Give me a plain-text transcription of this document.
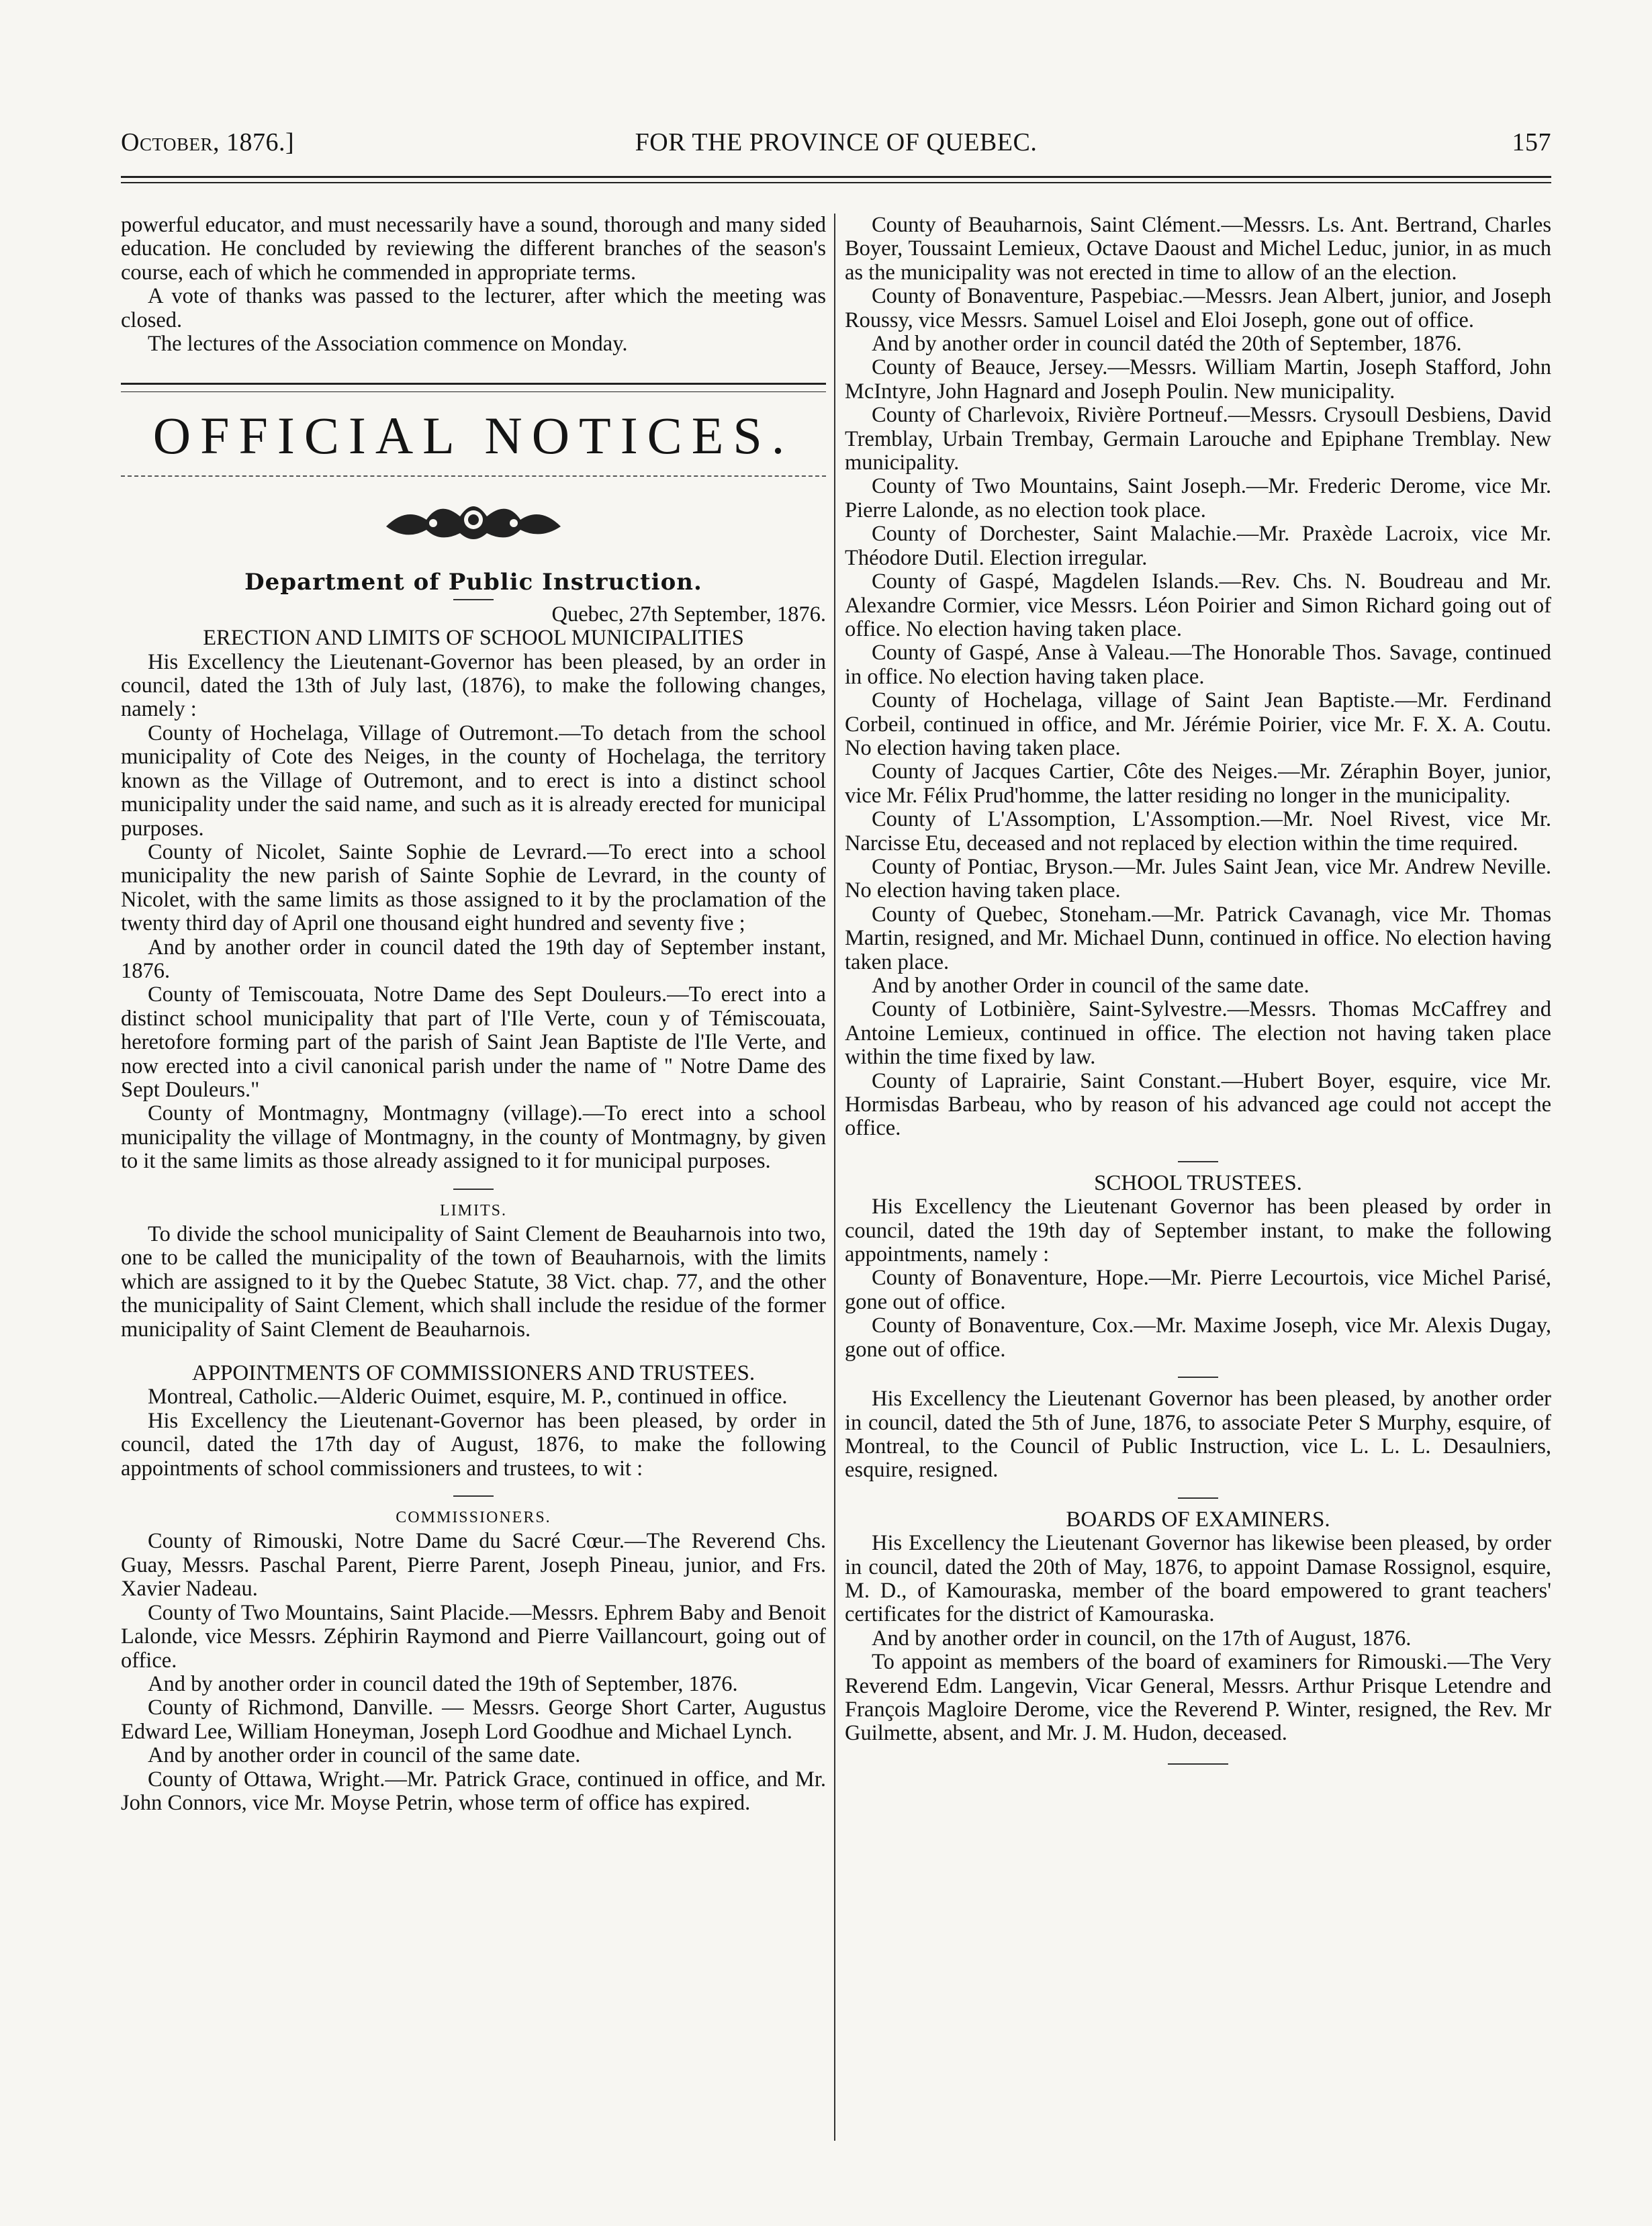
October, 1876.]	FOR THE PROVINCE OF QUEBEC.	157

powerful educator, and must necessarily have a sound, thorough and many sided education. He concluded by reviewing the different branches of the season's course, each of which he commended in appropriate terms.

A vote of thanks was passed to the lecturer, after which the meeting was closed.

The lectures of the Association commence on Monday.

OFFICIAL NOTICES.
Department of Public Instruction.

Quebec, 27th September, 1876.

ERECTION AND LIMITS OF SCHOOL MUNICIPALITIES

His Excellency the Lieutenant-Governor has been pleased, by an order in council, dated the 13th of July last, (1876), to make the following changes, namely :

County of Hochelaga, Village of Outremont.—To detach from the school municipality of Cote des Neiges, in the county of Hochelaga, the territory known as the Village of Outremont, and to erect is into a distinct school municipality under the said name, and such as it is already erected for municipal purposes.

County of Nicolet, Sainte Sophie de Levrard.—To erect into a school municipality the new parish of Sainte Sophie de Levrard, in the county of Nicolet, with the same limits as those assigned to it by the proclamation of the twenty third day of April one thousand eight hundred and seventy five ;

And by another order in council dated the 19th day of September instant, 1876.

County of Temiscouata, Notre Dame des Sept Douleurs.—To erect into a distinct school municipality that part of l'Ile Verte, coun y of Témiscouata, heretofore forming part of the parish of Saint Jean Baptiste de l'Ile Verte, and now erected into a civil canonical parish under the name of " Notre Dame des Sept Douleurs."

County of Montmagny, Montmagny (village).—To erect into a school municipality the village of Montmagny, in the county of Montmagny, by given to it the same limits as those already assigned to it for municipal purposes.

LIMITS.

To divide the school municipality of Saint Clement de Beauharnois into two, one to be called the municipality of the town of Beauharnois, with the limits which are assigned to it by the Quebec Statute, 38 Vict. chap. 77, and the other the municipality of Saint Clement, which shall include the residue of the former municipality of Saint Clement de Beauharnois.

APPOINTMENTS OF COMMISSIONERS AND TRUSTEES.

Montreal, Catholic.—Alderic Ouimet, esquire, M. P., continued in office.

His Excellency the Lieutenant-Governor has been pleased, by order in council, dated the 17th day of August, 1876, to make the following appointments of school commissioners and trustees, to wit :

COMMISSIONERS.

County of Rimouski, Notre Dame du Sacré Cœur.—The Reverend Chs. Guay, Messrs. Paschal Parent, Pierre Parent, Joseph Pineau, junior, and Frs. Xavier Nadeau.

County of Two Mountains, Saint Placide.—Messrs. Ephrem Baby and Benoit Lalonde, vice Messrs. Zéphirin Raymond and Pierre Vaillancourt, going out of office.

And by another order in council dated the 19th of September, 1876.

County of Richmond, Danville. — Messrs. George Short Carter, Augustus Edward Lee, William Honeyman, Joseph Lord Goodhue and Michael Lynch.

And by another order in council of the same date.

County of Ottawa, Wright.—Mr. Patrick Grace, continued in office, and Mr. John Connors, vice Mr. Moyse Petrin, whose term of office has expired.

County of Beauharnois, Saint Clément.—Messrs. Ls. Ant. Bertrand, Charles Boyer, Toussaint Lemieux, Octave Daoust and Michel Leduc, junior, in as much as the municipality was not erected in time to allow of an the election.

County of Bonaventure, Paspebiac.—Messrs. Jean Albert, junior, and Joseph Roussy, vice Messrs. Samuel Loisel and Eloi Joseph, gone out of office.

And by another order in council datéd the 20th of September, 1876.

County of Beauce, Jersey.—Messrs. William Martin, Joseph Stafford, John McIntyre, John Hagnard and Joseph Poulin. New municipality.

County of Charlevoix, Rivière Portneuf.—Messrs. Crysoull Desbiens, David Tremblay, Urbain Trembay, Germain Larouche and Epiphane Tremblay. New municipality.

County of Two Mountains, Saint Joseph.—Mr. Frederic Derome, vice Mr. Pierre Lalonde, as no election took place.

County of Dorchester, Saint Malachie.—Mr. Praxède Lacroix, vice Mr. Théodore Dutil. Election irregular.

County of Gaspé, Magdelen Islands.—Rev. Chs. N. Boudreau and Mr. Alexandre Cormier, vice Messrs. Léon Poirier and Simon Richard going out of office. No election having taken place.

County of Gaspé, Anse à Valeau.—The Honorable Thos. Savage, continued in office. No election having taken place.

County of Hochelaga, village of Saint Jean Baptiste.—Mr. Ferdinand Corbeil, continued in office, and Mr. Jérémie Poirier, vice Mr. F. X. A. Coutu. No election having taken place.

County of Jacques Cartier, Côte des Neiges.—Mr. Zéraphin Boyer, junior, vice Mr. Félix Prud'homme, the latter residing no longer in the municipality.

County of L'Assomption, L'Assomption.—Mr. Noel Rivest, vice Mr. Narcisse Etu, deceased and not replaced by election within the time required.

County of Pontiac, Bryson.—Mr. Jules Saint Jean, vice Mr. Andrew Neville. No election having taken place.

County of Quebec, Stoneham.—Mr. Patrick Cavanagh, vice Mr. Thomas Martin, resigned, and Mr. Michael Dunn, continued in office. No election having taken place.

And by another Order in council of the same date.

County of Lotbinière, Saint-Sylvestre.—Messrs. Thomas McCaffrey and Antoine Lemieux, continued in office. The election not having taken place within the time fixed by law.

County of Laprairie, Saint Constant.—Hubert Boyer, esquire, vice Mr. Hormisdas Barbeau, who by reason of his advanced age could not accept the office.

SCHOOL TRUSTEES.

His Excellency the Lieutenant Governor has been pleased by order in council, dated the 19th day of September instant, to make the following appointments, namely :

County of Bonaventure, Hope.—Mr. Pierre Lecourtois, vice Michel Parisé, gone out of office.

County of Bonaventure, Cox.—Mr. Maxime Joseph, vice Mr. Alexis Dugay, gone out of office.

His Excellency the Lieutenant Governor has been pleased, by another order in council, dated the 5th of June, 1876, to associate Peter S Murphy, esquire, of Montreal, to the Council of Public Instruction, vice L. L. L. Desaulniers, esquire, resigned.

BOARDS OF EXAMINERS.

His Excellency the Lieutenant Governor has likewise been pleased, by order in council, dated the 20th of May, 1876, to appoint Damase Rossignol, esquire, M. D., of Kamouraska, member of the board empowered to grant teachers' certificates for the district of Kamouraska.

And by another order in council, on the 17th of August, 1876.

To appoint as members of the board of examiners for Rimouski.—The Very Reverend Edm. Langevin, Vicar General, Messrs. Arthur Prisque Letendre and François Magloire Derome, vice the Reverend P. Winter, resigned, the Rev. Mr Guilmette, absent, and Mr. J. M. Hudon, deceased.
